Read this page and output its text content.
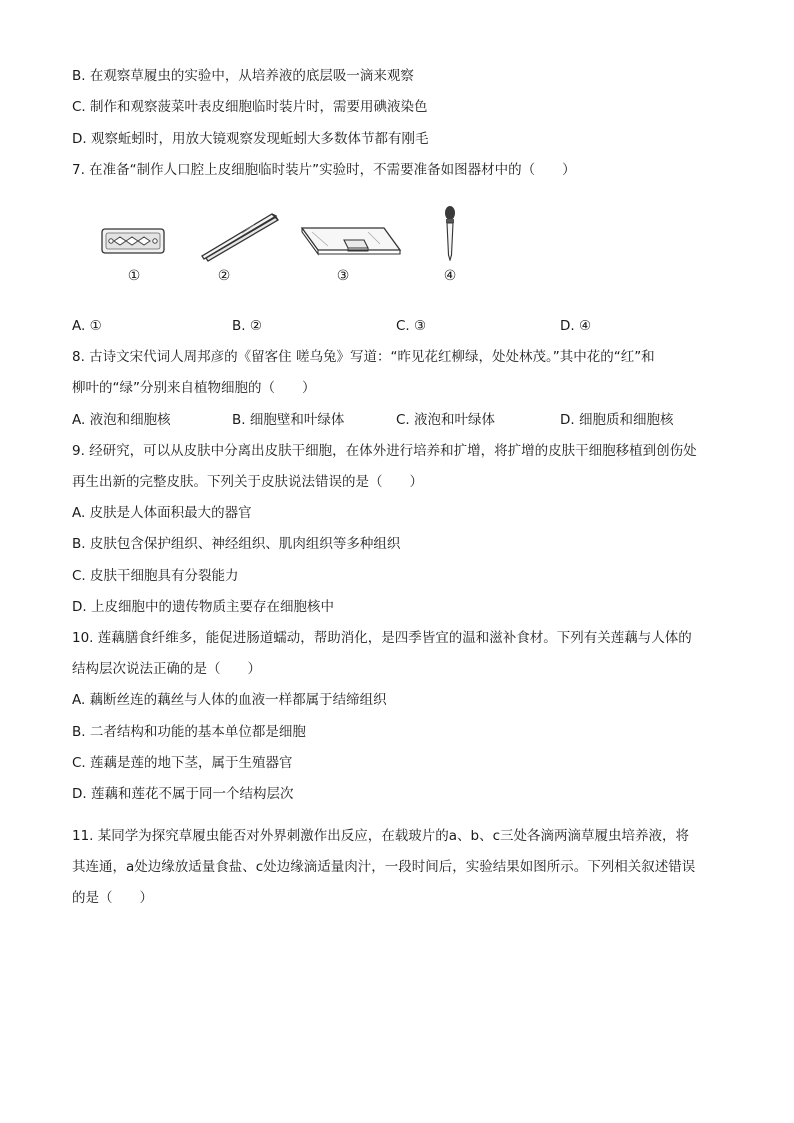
B. 在观察草履虫的实验中，从培养液的底层吸一滴来观察
C. 制作和观察菠菜叶表皮细胞临时装片时，需要用碘液染色
D. 观察蚯蚓时，用放大镜观察发现蚯蚓大多数体节都有刚毛
7. 在准备“制作人口腔上皮细胞临时装片”实验时，不需要准备如图器材中的（　　）
①	②	③	④
A. ①	B. ②	C. ③	D. ④
8. 古诗文宋代词人周邦彦的《留客住 嗟乌兔》写道：“昨见花红柳绿，处处林茂。”其中花的“红”和
柳叶的“绿”分别来自植物细胞的（　　）
A. 液泡和细胞核	B. 细胞壁和叶绿体	C. 液泡和叶绿体	D. 细胞质和细胞核
9. 经研究，可以从皮肤中分离出皮肤干细胞，在体外进行培养和扩增，将扩增的皮肤干细胞移植到创伤处
再生出新的完整皮肤。下列关于皮肤说法错误的是（　　）
A. 皮肤是人体面积最大的器官
B. 皮肤包含保护组织、神经组织、肌肉组织等多种组织
C. 皮肤干细胞具有分裂能力
D. 上皮细胞中的遗传物质主要存在细胞核中
10. 莲藕膳食纤维多，能促进肠道蠕动，帮助消化，是四季皆宜的温和滋补食材。下列有关莲藕与人体的
结构层次说法正确的是（　　）
A. 藕断丝连的藕丝与人体的血液一样都属于结缔组织
B. 二者结构和功能的基本单位都是细胞
C. 莲藕是莲的地下茎，属于生殖器官
D. 莲藕和莲花不属于同一个结构层次
11. 某同学为探究草履虫能否对外界刺激作出反应，在载玻片的a、b、c三处各滴两滴草履虫培养液，将
其连通，a处边缘放适量食盐、c处边缘滴适量肉汁，一段时间后，实验结果如图所示。下列相关叙述错误
的是（　　）
